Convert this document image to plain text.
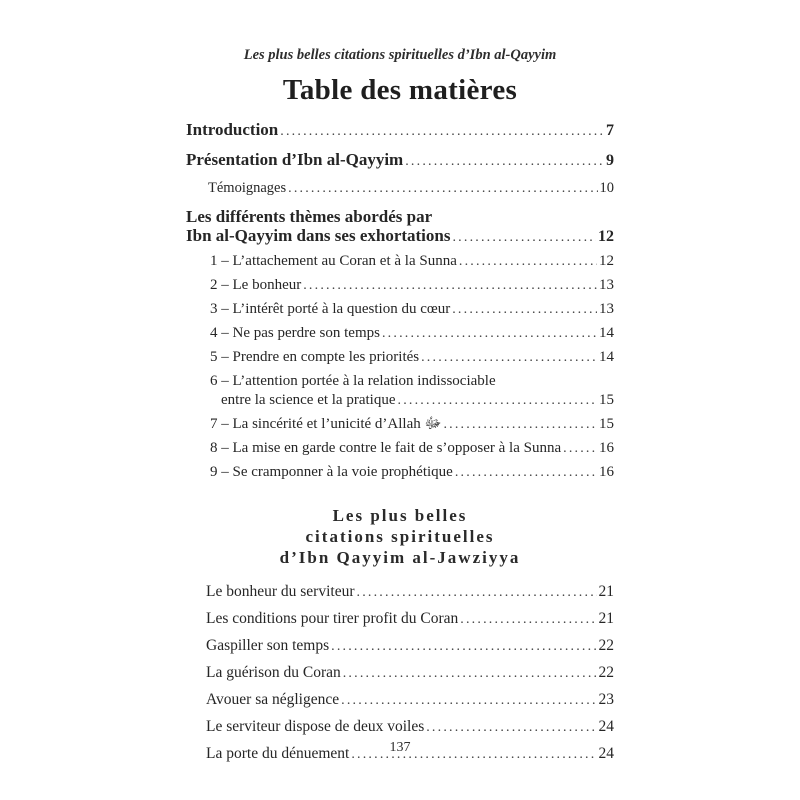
Les plus belles citations spirituelles d’Ibn al-Qayyim
Table des matières
Introduction .....	7
Présentation d’Ibn al-Qayyim .....	9
Témoignages .....	10
Les différents thèmes abordés par
Ibn al-Qayyim dans ses exhortations .....	12
1 – L’attachement au Coran et à la Sunna .....	12
2 – Le bonheur .....	13
3 – L’intérêt porté à la question du cœur .....	13
4 – Ne pas perdre son temps .....	14
5 – Prendre en compte les priorités .....	14
6 – L’attention portée à la relation indissociable
entre la science et la pratique .....	15
7 – La sincérité et l’unicité d’Allah ﷻ .....	15
8 – La mise en garde contre le fait de s’opposer à la Sunna .....	16
9 – Se cramponner à la voie prophétique .....	16
Les plus belles
citations spirituelles
d’Ibn Qayyim al-Jawziyya
Le bonheur du serviteur .....	21
Les conditions pour tirer profit du Coran .....	21
Gaspiller son temps .....	22
La guérison du Coran .....	22
Avouer sa négligence .....	23
Le serviteur dispose de deux voiles .....	24
La porte du dénuement .....	24
137
